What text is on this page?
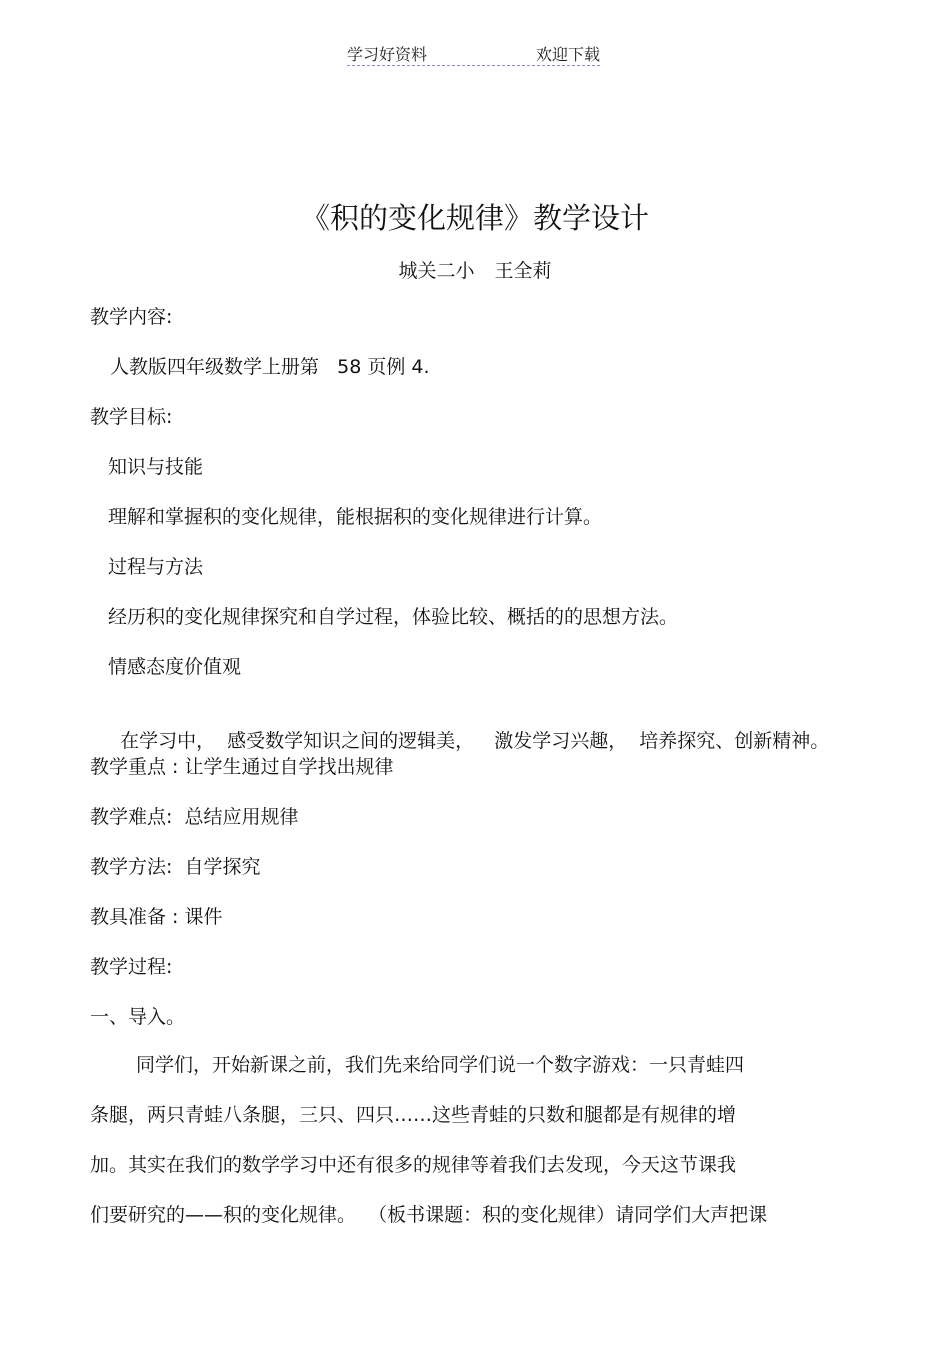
学习好资料	欢迎下载
《积的变化规律》教学设计
城关二小 王全莉
教学内容:
人教版四年级数学上册第   58 页例 4.
教学目标:
知识与技能
理解和掌握积的变化规律，能根据积的变化规律进行计算。
过程与方法
经历积的变化规律探究和自学过程，体验比较、概括的的思想方法。
情感态度价值观

在学习中，  感受数学知识之间的逻辑美， 激发学习兴趣，  培养探究、创新精神。

教学重点 : 让学生通过自学找出规律
教学难点:  总结应用规律
教学方法:  自学探究
教具准备 : 课件
教学过程:
一、导入。
同学们，开始新课之前，我们先来给同学们说一个数字游戏：一只青蛙四
条腿，两只青蛙八条腿，三只、四只……这些青蛙的只数和腿都是有规律的增
加。其实在我们的数学学习中还有很多的规律等着我们去发现，今天这节课我
们要研究的——积的变化规律。  （板书课题：积的变化规律）请同学们大声把课
